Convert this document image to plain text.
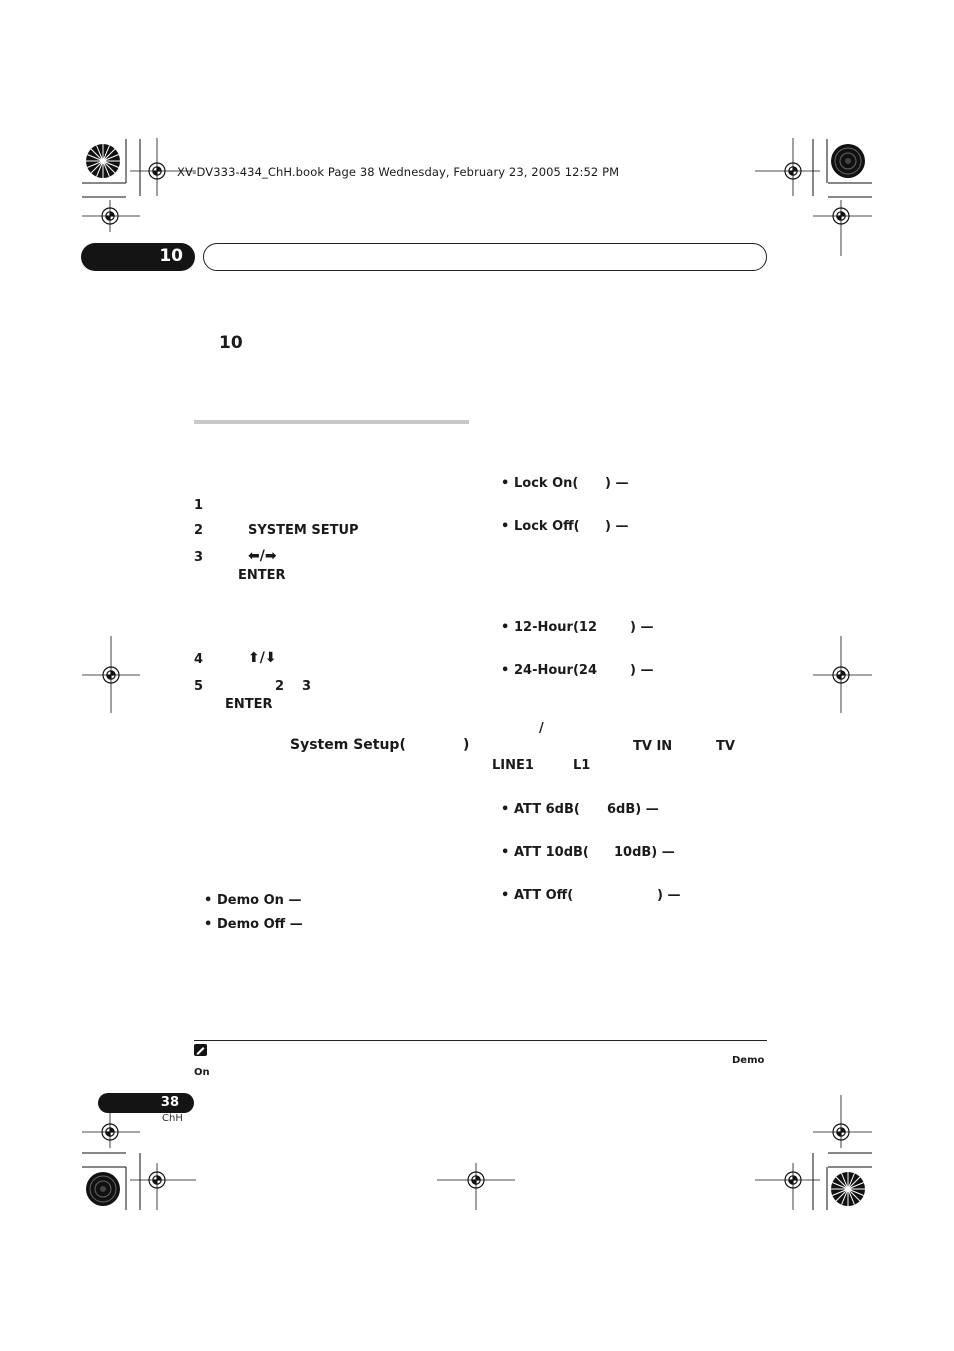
XV-DV333-434_ChH.book Page 38 Wednesday, February 23, 2005 12:52 PM
10
10
1
2	SYSTEM SETUP
3	⬅/➡
ENTER
4	⬆/⬇
5	2 3
ENTER
System Setup(	)
• Demo On —
• Demo Off —
• Lock On( ) —
• Lock Off( ) —
• 12-Hour(12	) —
• 24-Hour(24	) —
/
TV IN	TV
LINE1	L1
• ATT 6dB( 6dB) —
• ATT 10dB( 10dB) —
• ATT Off(	) —
Demo
On
38
ChH
